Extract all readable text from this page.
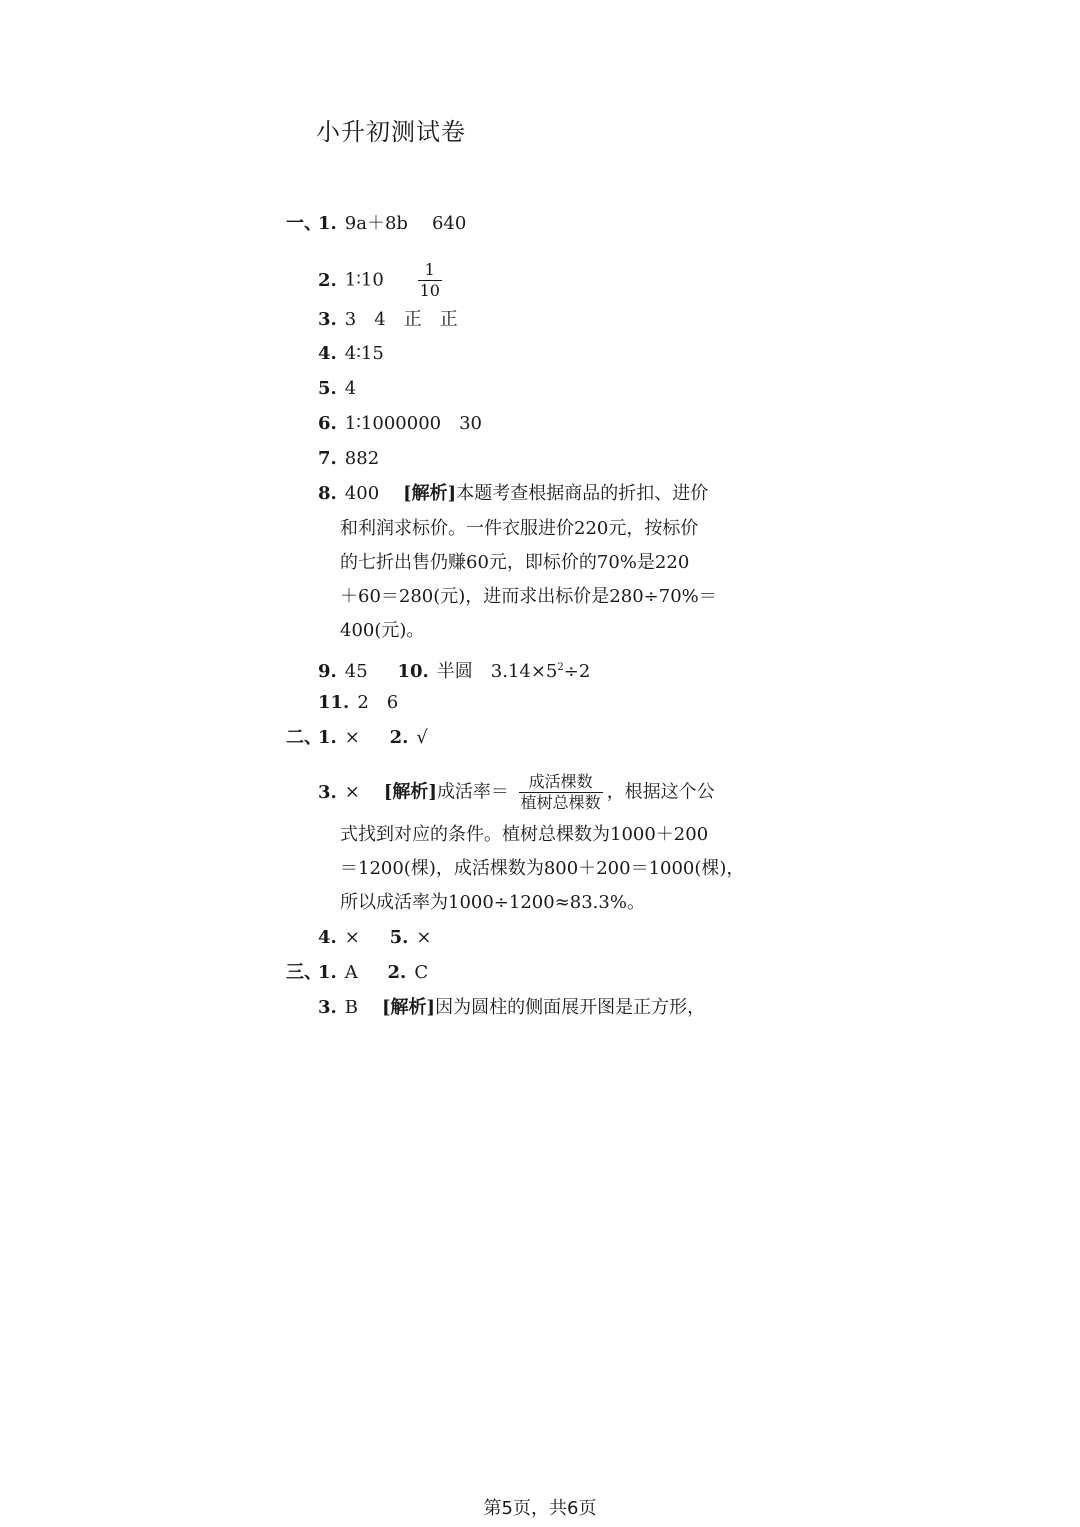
小升初测试卷
一、
1. 9a＋8b 640
2. 1∶10 $\frac{1}{10}$
3. 3　4　正　正
4. 4∶15
5. 4
6. 1∶1000000　30
7. 882
8. 400 [解析]本题考查根据商品的折扣、进价
和利润求标价。一件衣服进价220元，按标价
的七折出售仍赚60元，即标价的70%是220
＋60＝280(元)，进而求出标价是280÷70%＝
400(元)。
9. 45 10. 半圆　$3.14\times 5^2\div 2$
11. 2　6
二、
1. × 2. √
3. × [解析]成活率＝ $\frac{\text{成活棵数}}{\text{植树总棵数}}$ ，根据这个公
式找到对应的条件。植树总棵数为1000＋200
＝1200(棵)，成活棵数为800＋200＝1000(棵)，
所以成活率为1000÷1200≈83.3%。
4. × 5. ×
三、
1. A 2. C
3. B [解析]因为圆柱的侧面展开图是正方形，
第5页，共6页
